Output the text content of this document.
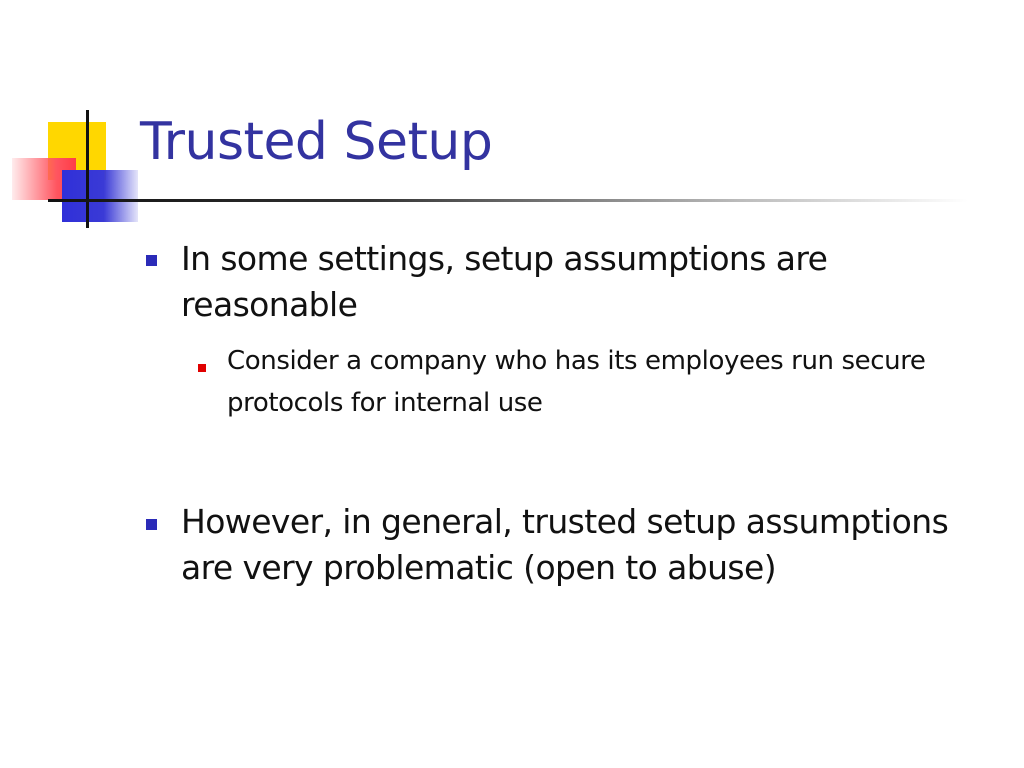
Trusted Setup
In some settings, setup assumptions are reasonable
Consider a company who has its employees run secure protocols for internal use
However, in general, trusted setup assumptions are very problematic (open to abuse)
